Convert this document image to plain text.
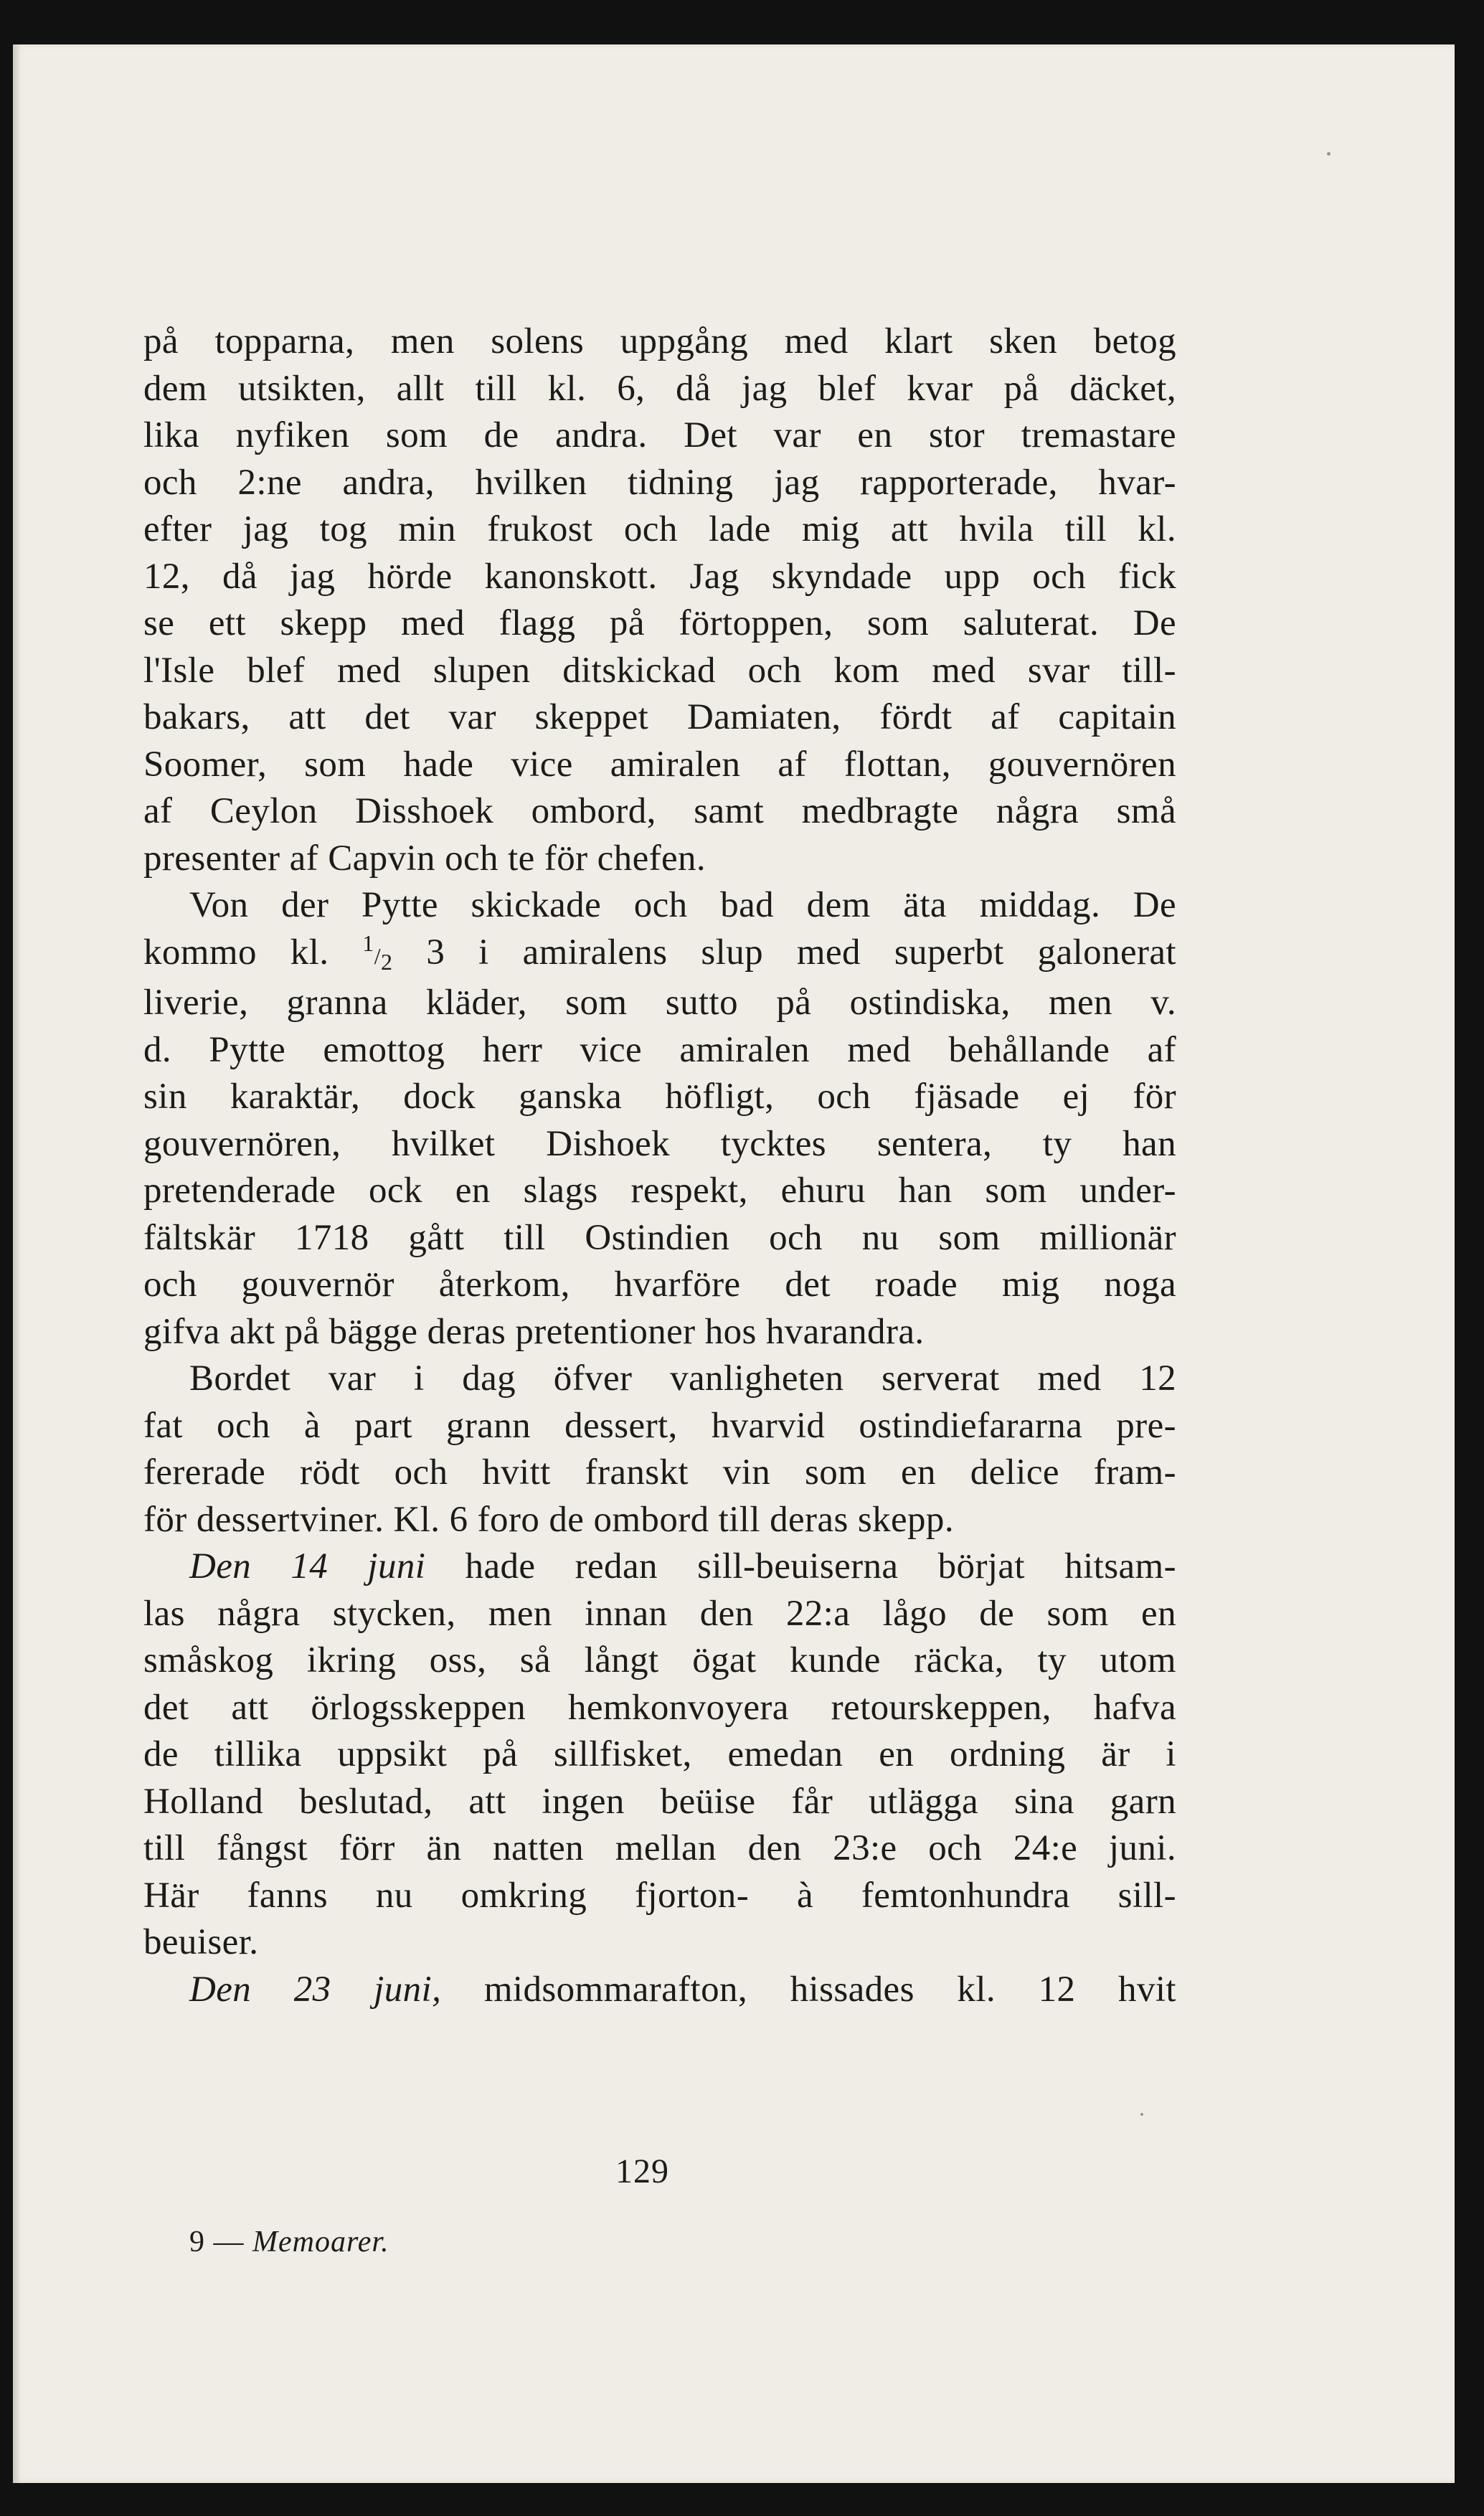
på topparna, men solens uppgång med klart sken betog
dem utsikten, allt till kl. 6, då jag blef kvar på däcket,
lika nyfiken som de andra. Det var en stor tremastare
och 2:ne andra, hvilken tidning jag rapporterade, hvar-
efter jag tog min frukost och lade mig att hvila till kl.
12, då jag hörde kanonskott. Jag skyndade upp och fick
se ett skepp med flagg på förtoppen, som saluterat. De
l'Isle blef med slupen ditskickad och kom med svar till-
bakars, att det var skeppet Damiaten, fördt af capitain
Soomer, som hade vice amiralen af flottan, gouvernören
af Ceylon Disshoek ombord, samt medbragte några små
presenter af Capvin och te för chefen.
Von der Pytte skickade och bad dem äta middag. De
kommo kl. 1/2 3 i amiralens slup med superbt galonerat
liverie, granna kläder, som sutto på ostindiska, men v.
d. Pytte emottog herr vice amiralen med behållande af
sin karaktär, dock ganska höfligt, och fjäsade ej för
gouvernören, hvilket Dishoek tycktes sentera, ty han
pretenderade ock en slags respekt, ehuru han som under-
fältskär 1718 gått till Ostindien och nu som millionär
och gouvernör återkom, hvarföre det roade mig noga
gifva akt på bägge deras pretentioner hos hvarandra.
Bordet var i dag öfver vanligheten serverat med 12
fat och à part grann dessert, hvarvid ostindiefararna pre-
fererade rödt och hvitt franskt vin som en delice fram-
för dessertviner. Kl. 6 foro de ombord till deras skepp.
Den 14 juni hade redan sill-beuiserna börjat hitsam-
las några stycken, men innan den 22:a lågo de som en
småskog ikring oss, så långt ögat kunde räcka, ty utom
det att örlogsskeppen hemkonvoyera retourskeppen, hafva
de tillika uppsikt på sillfisket, emedan en ordning är i
Holland beslutad, att ingen beüise får utlägga sina garn
till fångst förr än natten mellan den 23:e och 24:e juni.
Här fanns nu omkring fjorton- à femtonhundra sill-
beuiser.
Den 23 juni, midsommarafton, hissades kl. 12 hvit
129
9 — Memoarer.
